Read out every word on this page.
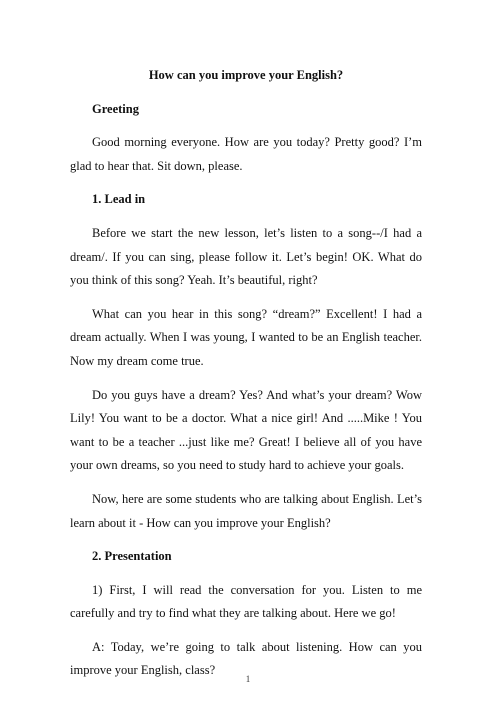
How can you improve your English?

Greeting

Good morning everyone. How are you today? Pretty good? I’m glad to hear that. Sit down, please.

1. Lead in

Before we start the new lesson, let’s listen to a song--/I had a dream/. If you can sing, please follow it. Let’s begin! OK. What do you think of this song? Yeah. It’s beautiful, right?

What can you hear in this song? “dream?” Excellent! I had a dream actually. When I was young, I wanted to be an English teacher. Now my dream come true.

Do you guys have a dream? Yes? And what’s your dream? Wow Lily! You want to be a doctor. What a nice girl! And .....Mike ! You want to be a teacher ...just like me? Great! I believe all of you have your own dreams, so you need to study hard to achieve your goals.

Now, here are some students who are talking about English. Let’s learn about it - How can you improve your English?

2. Presentation

1) First, I will read the conversation for you. Listen to me carefully and try to find what they are talking about. Here we go!

A: Today, we’re going to talk about listening. How can you improve your English, class?

1
